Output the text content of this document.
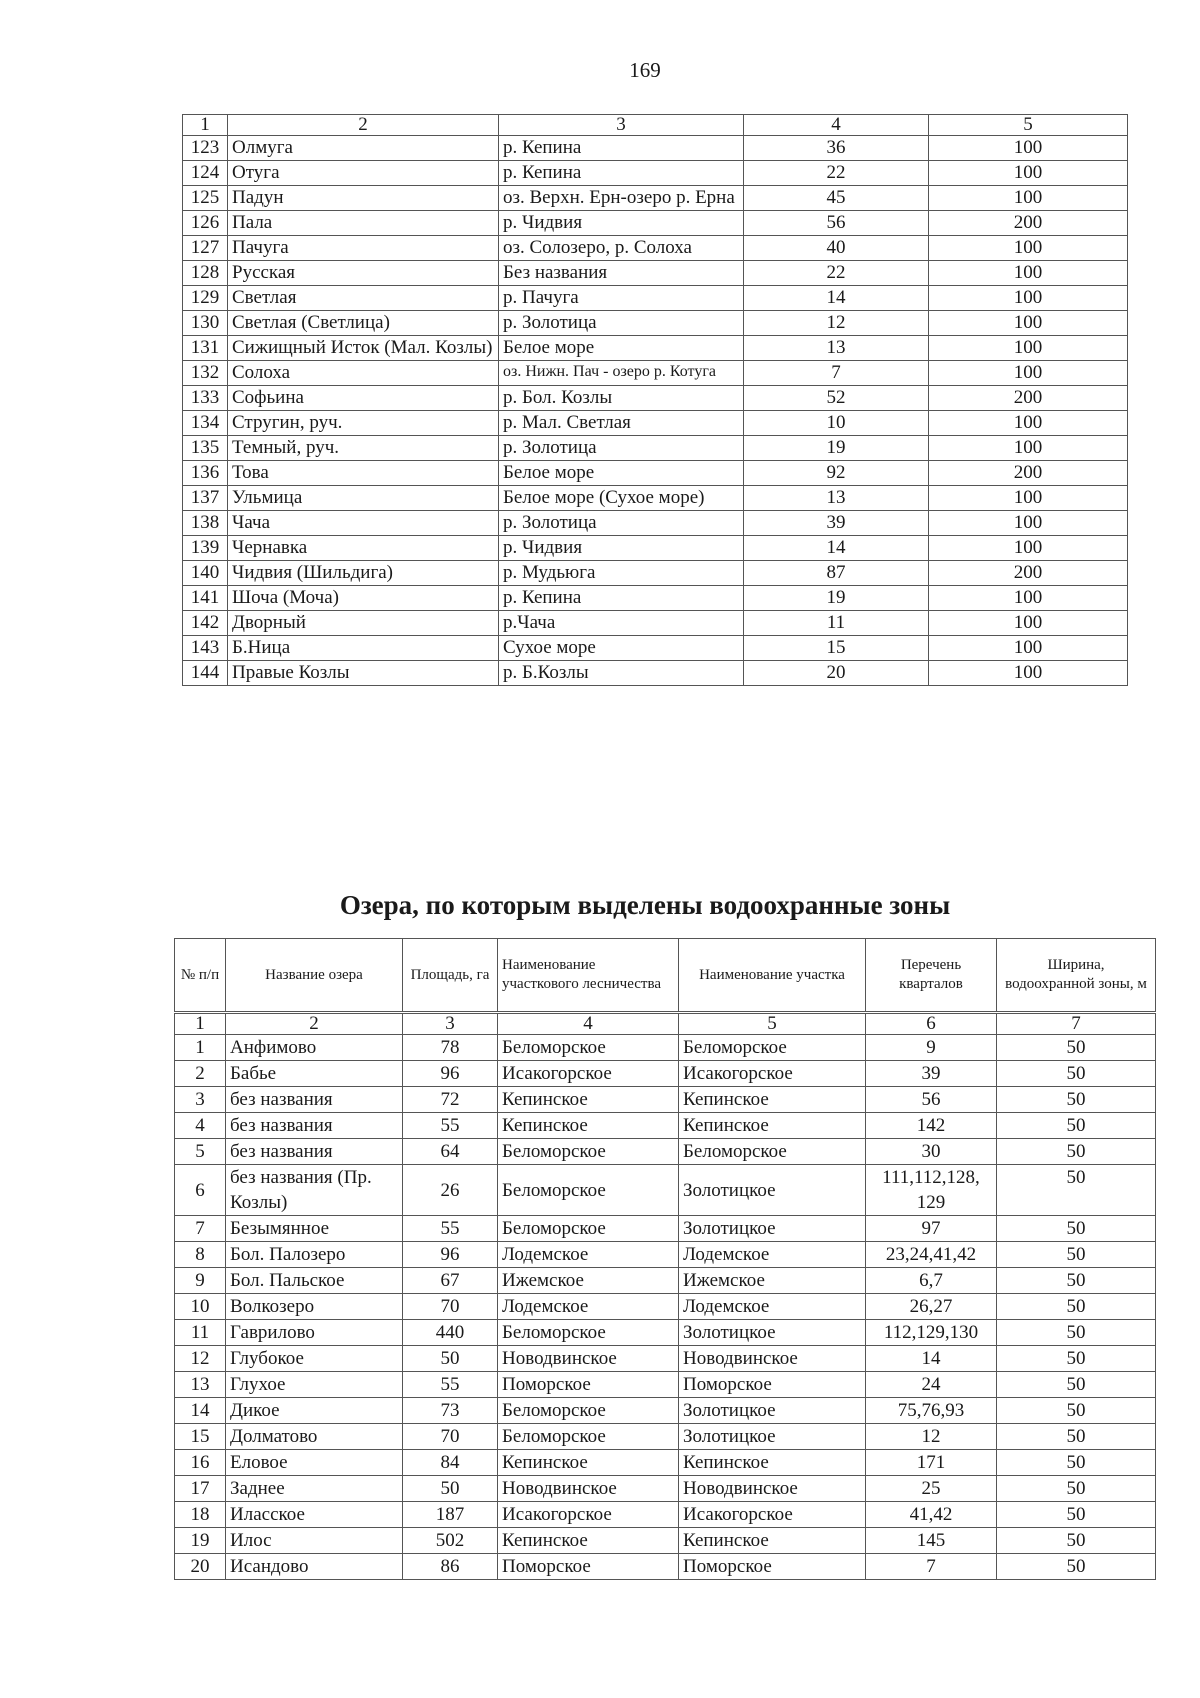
169
1	2	3	4	5
123	Олмуга	р. Кепина	36	100
124	Отуга	р. Кепина	22	100
125	Падун	оз. Верхн. Ерн-озеро р. Ерна	45	100
126	Пала	р. Чидвия	56	200
127	Пачуга	оз. Солозеро, р. Солоха	40	100
128	Русская	Без названия	22	100
129	Светлая	р. Пачуга	14	100
130	Светлая (Светлица)	р. Золотица	12	100
131	Сижищный Исток (Мал. Козлы)	Белое море	13	100
132	Солоха	оз. Нижн. Пач - озеро р. Котуга	7	100
133	Софьина	р. Бол. Козлы	52	200
134	Стругин, руч.	р. Мал. Светлая	10	100
135	Темный, руч.	р. Золотица	19	100
136	Това	Белое море	92	200
137	Ульмица	Белое море (Сухое море)	13	100
138	Чача	р. Золотица	39	100
139	Чернавка	р. Чидвия	14	100
140	Чидвия (Шильдига)	р. Мудьюга	87	200
141	Шоча (Моча)	р. Кепина	19	100
142	Дворный	р.Чача	11	100
143	Б.Ница	Сухое море	15	100
144	Правые Козлы	р. Б.Козлы	20	100
Озера, по которым выделены водоохранные зоны
№ п/п	Название озера	Площадь, га	Наименование участкового лесничества	Наименование участка	Перечень кварталов	Ширина, водоохранной зоны, м
1	2	3	4	5	6	7
1	Анфимово	78	Беломорское	Беломорское	9	50
2	Бабье	96	Исакогорское	Исакогорское	39	50
3	без названия	72	Кепинское	Кепинское	56	50
4	без названия	55	Кепинское	Кепинское	142	50
5	без названия	64	Беломорское	Беломорское	30	50
6	без названия (Пр. Козлы)	26	Беломорское	Золотицкое	111,112,128, 129	50
7	Безымянное	55	Беломорское	Золотицкое	97	50
8	Бол. Палозеро	96	Лодемское	Лодемское	23,24,41,42	50
9	Бол. Пальское	67	Ижемское	Ижемское	6,7	50
10	Волкозеро	70	Лодемское	Лодемское	26,27	50
11	Гаврилово	440	Беломорское	Золотицкое	112,129,130	50
12	Глубокое	50	Новодвинское	Новодвинское	14	50
13	Глухое	55	Поморское	Поморское	24	50
14	Дикое	73	Беломорское	Золотицкое	75,76,93	50
15	Долматово	70	Беломорское	Золотицкое	12	50
16	Еловое	84	Кепинское	Кепинское	171	50
17	Заднее	50	Новодвинское	Новодвинское	25	50
18	Иласское	187	Исакогорское	Исакогорское	41,42	50
19	Илос	502	Кепинское	Кепинское	145	50
20	Исандово	86	Поморское	Поморское	7	50
